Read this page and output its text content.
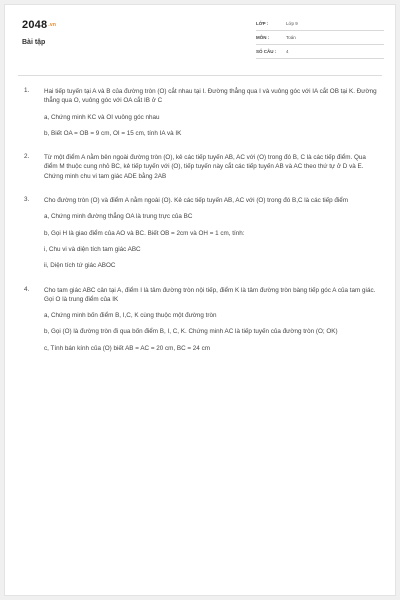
2048.vn
Bài tập
LỚP :	Lớp 9
MÔN :	Toán
SỐ CÂU : 4
1. Hai tiếp tuyến tại A và B của đường tròn (O) cắt nhau tại I. Đường thẳng qua I và vuông góc với IA cắt OB tại K. Đường thẳng qua O, vuông góc với OA cắt IB ở C
a, Chứng minh KC và OI vuông góc nhau
b, Biết OA = OB = 9 cm, OI = 15 cm, tính IA và IK
2. Từ một điểm A nằm bên ngoài đường tròn (O), kẻ các tiếp tuyến AB, AC với (O) trong đó B, C là các tiếp điểm. Qua điểm M thuộc cung nhỏ BC, kẻ tiếp tuyến với (O), tiếp tuyến này cắt các tiếp tuyến AB và AC theo thứ tự ở D và E. Chứng minh chu vi tam giác ADE bằng 2AB
3. Cho đường tròn (O) và điểm A nằm ngoài (O). Kẻ các tiếp tuyến AB, AC với (O) trong đó B,C là các tiếp điểm
a, Chứng minh đường thẳng OA là trung trực của BC
b, Gọi H là giao điểm của AO và BC. Biết OB = 2cm và OH = 1 cm, tính:
i, Chu vi và diện tích tam giác ABC
ii, Diện tích tứ giác ABOC
4. Cho tam giác ABC cân tại A, điểm I là tâm đường tròn nội tiếp, điểm K là tâm đường tròn bàng tiếp góc A của tam giác. Gọi O là trung điểm của IK
a, Chứng minh bốn điểm B, I,C, K cùng thuộc một đường tròn
b, Gọi (O) là đường tròn đi qua bốn điểm B, I, C, K. Chứng minh AC là tiếp tuyến của đường tròn (O; OK)
c, Tính bán kính của (O) biết AB = AC = 20 cm, BC = 24 cm
